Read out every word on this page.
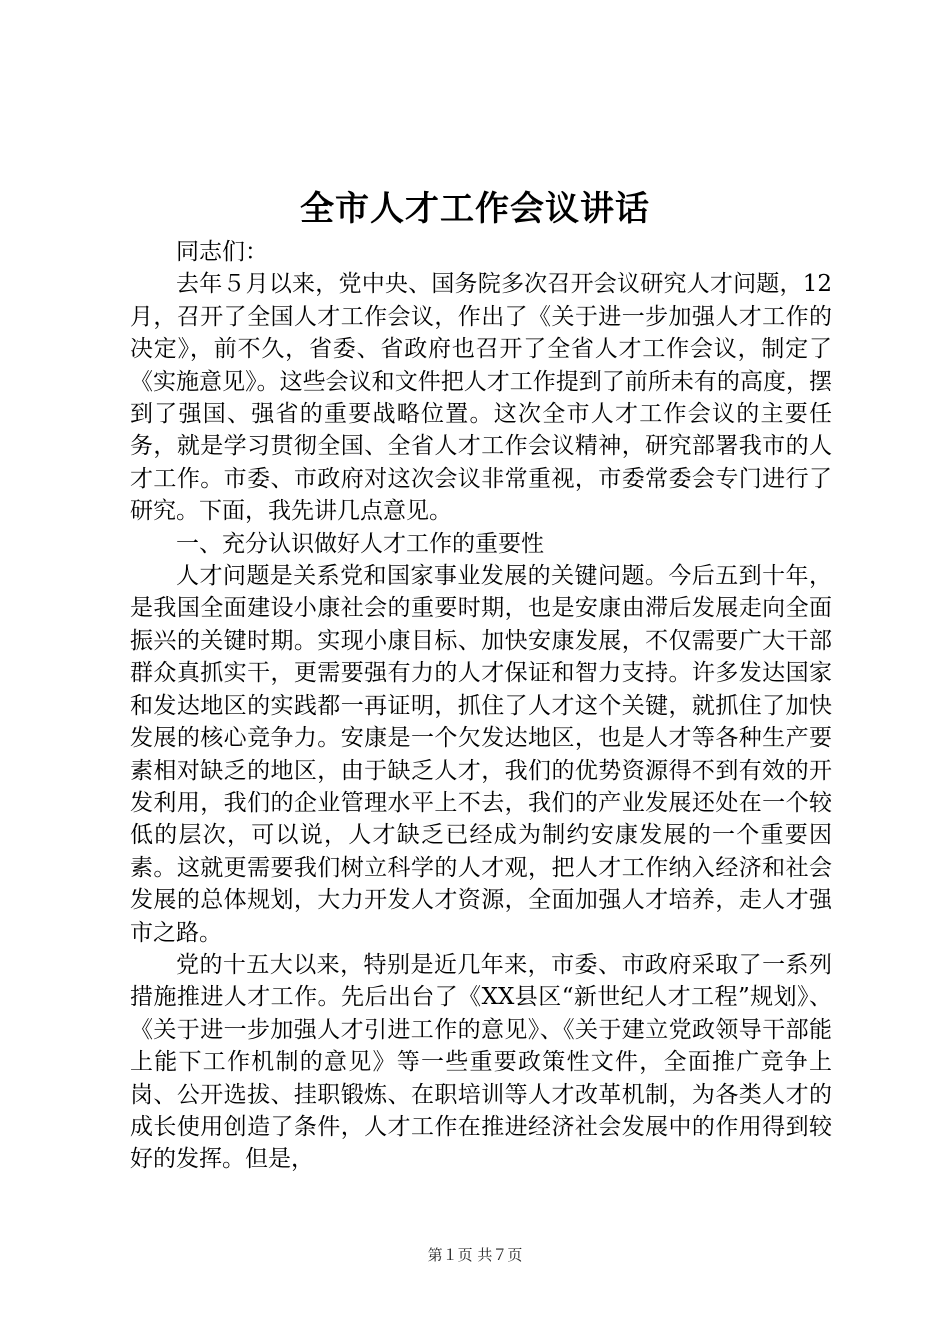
全市人才工作会议讲话

同志们：

去年５月以来，党中央、国务院多次召开会议研究人才问题，12月，召开了全国人才工作会议，作出了《关于进一步加强人才工作的决定》，前不久，省委、省政府也召开了全省人才工作会议，制定了《实施意见》。这些会议和文件把人才工作提到了前所未有的高度，摆到了强国、强省的重要战略位置。这次全市人才工作会议的主要任务，就是学习贯彻全国、全省人才工作会议精神，研究部署我市的人才工作。市委、市政府对这次会议非常重视，市委常委会专门进行了研究。下面，我先讲几点意见。

一、充分认识做好人才工作的重要性

人才问题是关系党和国家事业发展的关键问题。今后五到十年，是我国全面建设小康社会的重要时期，也是安康由滞后发展走向全面振兴的关键时期。实现小康目标、加快安康发展，不仅需要广大干部群众真抓实干，更需要强有力的人才保证和智力支持。许多发达国家和发达地区的实践都一再证明，抓住了人才这个关键，就抓住了加快发展的核心竞争力。安康是一个欠发达地区，也是人才等各种生产要素相对缺乏的地区，由于缺乏人才，我们的优势资源得不到有效的开发利用，我们的企业管理水平上不去，我们的产业发展还处在一个较低的层次，可以说，人才缺乏已经成为制约安康发展的一个重要因素。这就更需要我们树立科学的人才观，把人才工作纳入经济和社会发展的总体规划，大力开发人才资源，全面加强人才培养，走人才强市之路。

党的十五大以来，特别是近几年来，市委、市政府采取了一系列措施推进人才工作。先后出台了《XX县区“新世纪人才工程”规划》、《关于进一步加强人才引进工作的意见》、《关于建立党政领导干部能上能下工作机制的意见》等一些重要政策性文件，全面推广竞争上岗、公开选拔、挂职锻炼、在职培训等人才改革机制，为各类人才的成长使用创造了条件，人才工作在推进经济社会发展中的作用得到较好的发挥。但是，

第１页 共７页
